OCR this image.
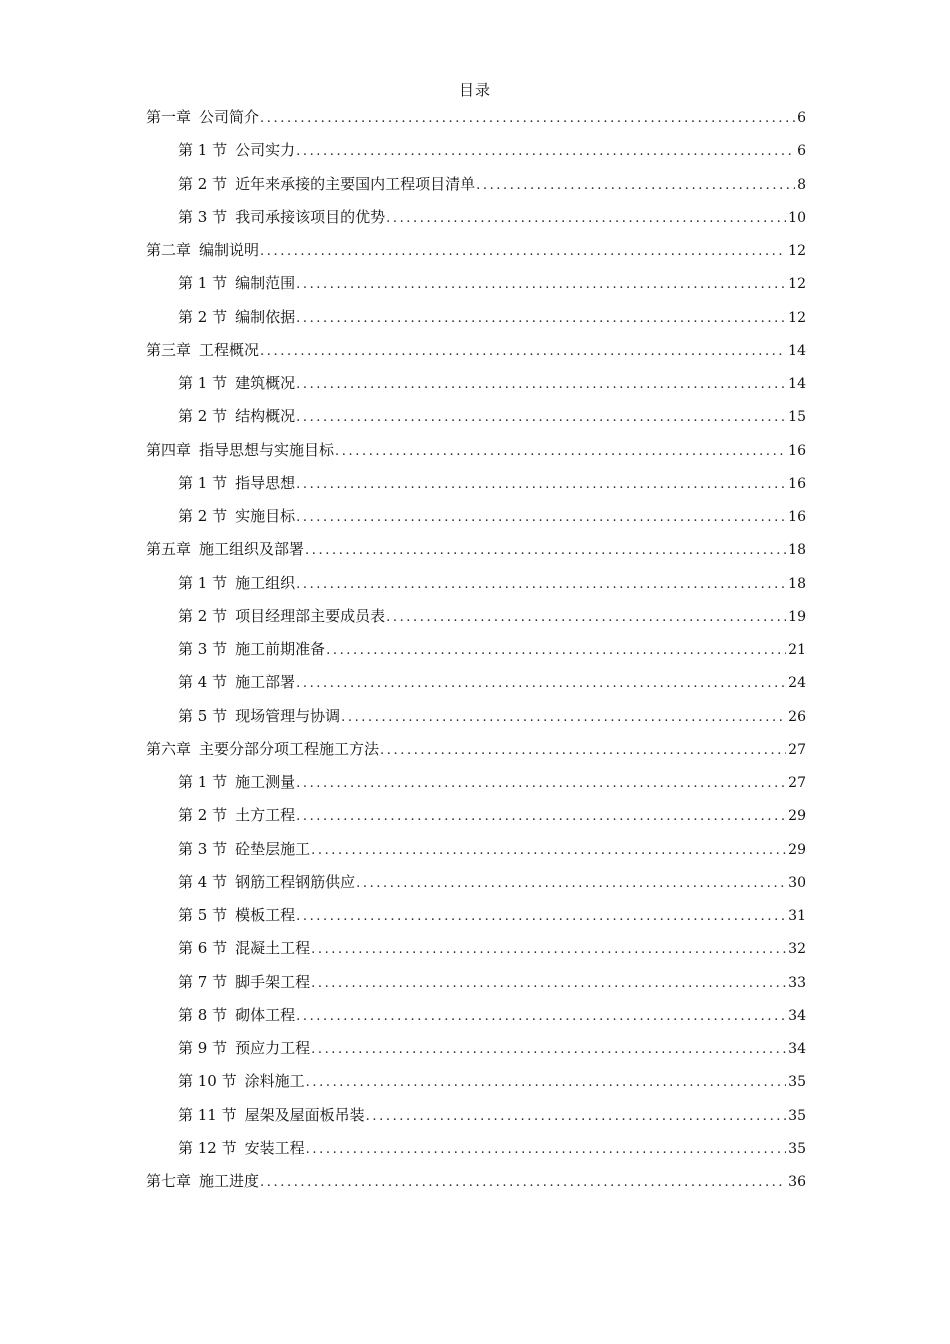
目录
第一章 公司简介 .....	6
第 1 节 公司实力 .....	6
第 2 节 近年来承接的主要国内工程项目清单 .....	8
第 3 节 我司承接该项目的优势 .....	10
第二章 编制说明 .....	12
第 1 节 编制范围 .....	12
第 2 节 编制依据 .....	12
第三章 工程概况 .....	14
第 1 节 建筑概况 .....	14
第 2 节 结构概况 .....	15
第四章 指导思想与实施目标 .....	16
第 1 节 指导思想 .....	16
第 2 节 实施目标 .....	16
第五章 施工组织及部署 .....	18
第 1 节 施工组织 .....	18
第 2 节 项目经理部主要成员表 .....	19
第 3 节 施工前期准备 .....	21
第 4 节 施工部署 .....	24
第 5 节 现场管理与协调 .....	26
第六章 主要分部分项工程施工方法 .....	27
第 1 节 施工测量 .....	27
第 2 节 土方工程 .....	29
第 3 节 砼垫层施工 .....	29
第 4 节 钢筋工程钢筋供应 .....	30
第 5 节 模板工程 .....	31
第 6 节 混凝土工程 .....	32
第 7 节 脚手架工程 .....	33
第 8 节 砌体工程 .....	34
第 9 节 预应力工程 .....	34
第 10 节 涂料施工 .....	35
第 11 节 屋架及屋面板吊装 .....	35
第 12 节 安装工程 .....	35
第七章 施工进度 .....	36
